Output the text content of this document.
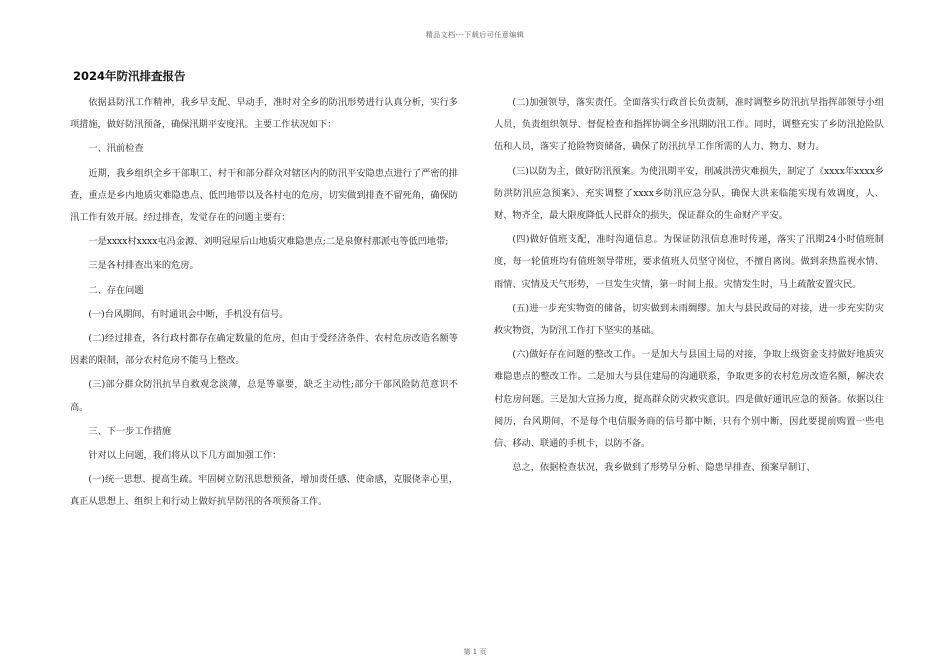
精品文档---下载后可任意编辑
2024年防汛排查报告

依据县防汛工作精神，我乡早支配、早动手，准时对全乡的防汛形势进行认真分析，实行多项措施，做好防汛预备，确保汛期平安度汛。主要工作状况如下：

一、汛前检查

近期，我乡组织全乡干部职工、村干和部分群众对辖区内的防汛平安隐患点进行了严密的排查，重点是乡内地质灾难隐患点、低凹地带以及各村屯的危房，切实做到排查不留死角，确保防汛工作有效开展。经过排查，发觉存在的问题主要有：

一是xxxx村xxxx屯冯金源、刘明冠屋后山地质灾难隐患点;二是泉僚村那派屯等低凹地带;

三是各村排查出来的危房。

二、存在问题

(一)台风期间，有时通讯会中断，手机没有信号。

(二)经过排查，各行政村都存在确定数量的危房，但由于受经济条件、农村危房改造名额等因素的限制，部分农村危房不能马上整改。

(三)部分群众防汛抗旱自救观念淡薄，总是等靠要，缺乏主动性;部分干部风险防范意识不高。

三、下一步工作措施

针对以上问题，我们将从以下几方面加强工作：

(一)统一思想、提高生疏。牢固树立防汛思想预备，增加责任感、使命感，克服侥幸心里，真正从思想上、组织上和行动上做好抗旱防汛的各项预备工作。

(二)加强领导，落实责任。全面落实行政首长负责制，准时调整乡防汛抗旱指挥部领导小组人员，负责组织领导、督促检查和指挥协调全乡汛期防汛工作。同时，调整充实了乡防汛抢险队伍和人员，落实了抢险物资储备，确保了防汛抗旱工作所需的人力、物力、财力。

(三)以防为主，做好防汛预案。为使汛期平安，削减洪涝灾难损失，制定了《xxxx年xxxx乡防洪防汛应急预案》、充实调整了xxxx乡防汛应急分队，确保大洪来临能实现有效调度，人、财、物齐全，最大限度降低人民群众的损失，保证群众的生命财产平安。

(四)做好值班支配，准时沟通信息。为保证防汛信息准时传递，落实了汛期24小时值班制度，每一轮值班均有值班领导带班，要求值班人员坚守岗位，不擅自离岗。做到亲热监视水情、雨情、灾情及天气形势，一旦发生灾情，第一时间上报。灾情发生时，马上疏散安置灾民。

(五)进一步充实物资的储备，切实做到未雨绸缪。加大与县民政局的对接，进一步充实防灾救灾物资，为防汛工作打下坚实的基础。

(六)做好存在问题的整改工作。一是加大与县国土局的对接，争取上级资金支持做好地质灾难隐患点的整改工作。二是加大与县住建局的沟通联系，争取更多的农村危房改造名额，解决农村危房问题。三是加大宣扬力度，提高群众防灾救灾意识。四是做好通讯应急的预备。依据以往阅历，台风期间，不是每个电信服务商的信号都中断，只有个别中断，因此要提前购置一些电信、移动、联通的手机卡，以防不备。

总之，依据检查状况，我乡做到了形势早分析、隐患早排查、预案早制订、

第 1 页
